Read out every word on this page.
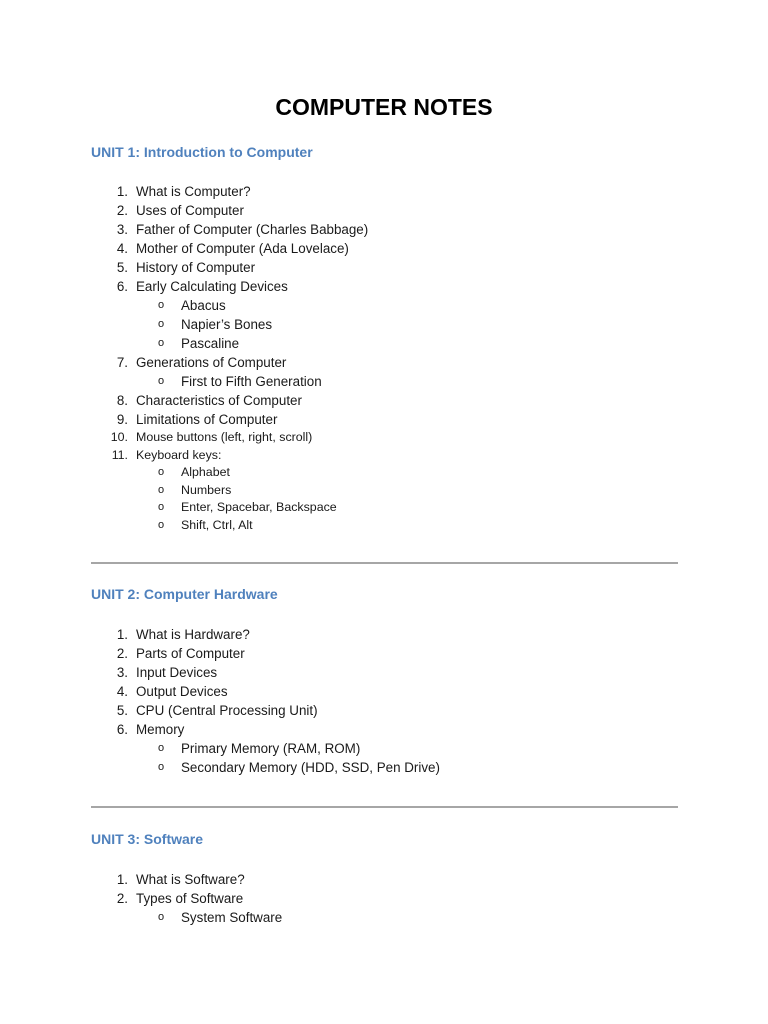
COMPUTER NOTES
UNIT 1: Introduction to Computer
1. What is Computer?
2. Uses of Computer
3. Father of Computer (Charles Babbage)
4. Mother of Computer (Ada Lovelace)
5. History of Computer
6. Early Calculating Devices
o Abacus
o Napier’s Bones
o Pascaline
7. Generations of Computer
o First to Fifth Generation
8. Characteristics of Computer
9. Limitations of Computer
10. Mouse buttons (left, right, scroll)
11. Keyboard keys:
o Alphabet
o Numbers
o Enter, Spacebar, Backspace
o Shift, Ctrl, Alt
UNIT 2: Computer Hardware
1. What is Hardware?
2. Parts of Computer
3. Input Devices
4. Output Devices
5. CPU (Central Processing Unit)
6. Memory
o Primary Memory (RAM, ROM)
o Secondary Memory (HDD, SSD, Pen Drive)
UNIT 3: Software
1. What is Software?
2. Types of Software
o System Software
